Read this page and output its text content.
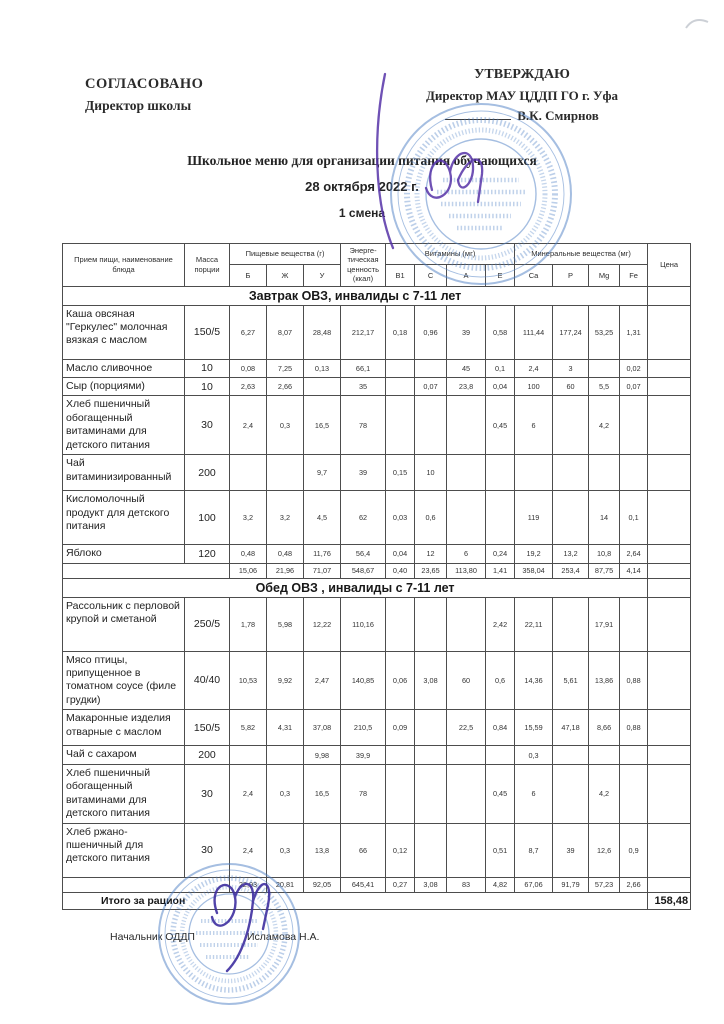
СОГЛАСОВАНО
Директор школы
УТВЕРЖДАЮ
Директор МАУ ЦДДП ГО г. Уфа
В.К. Смирнов
Школьное меню для организации питания обучающихся
28 октября 2022 г.
1 смена
Прием пищи, наименование блюда	Масса порции	Пищевые вещества (г)			Энерге-тическая ценность (ккал)	Витамины (мг)				Минеральные вещества (мг)				Цена
		Б	Ж	У		B1	C	A	E	Ca	P	Mg	Fe	
Завтрак ОВЗ, инвалиды с 7-11 лет														
Каша овсяная "Геркулес" молочная вязкая с маслом	150/5	6,27	8,07	28,48	212,17	0,18	0,96	39	0,58	111,44	177,24	53,25	1,31	
Масло сливочное	10	0,08	7,25	0,13	66,1			45	0,1	2,4	3		0,02	
Сыр (порциями)	10	2,63	2,66		35		0,07	23,8	0,04	100	60	5,5	0,07	
Хлеб пшеничный обогащенный витаминами для детского питания	30	2,4	0,3	16,5	78				0,45	6		4,2		
Чай витаминизированный	200			9,7	39	0,15	10							
Кисломолочный продукт для детского питания	100	3,2	3,2	4,5	62	0,03	0,6			119		14	0,1	
Яблоко	120	0,48	0,48	11,76	56,4	0,04	12	6	0,24	19,2	13,2	10,8	2,64	
		15,06	21,96	71,07	548,67	0,40	23,65	113,80	1,41	358,04	253,4	87,75	4,14	
Обед ОВЗ , инвалиды с 7-11 лет														
Рассольник с перловой крупой и сметаной	250/5	1,78	5,98	12,22	110,16				2,42	22,11		17,91		
Мясо птицы, припущенное в томатном соусе (филе грудки)	40/40	10,53	9,92	2,47	140,85	0,06	3,08	60	0,6	14,36	5,61	13,86	0,88	
Макаронные изделия отварные с маслом	150/5	5,82	4,31	37,08	210,5	0,09		22,5	0,84	15,59	47,18	8,66	0,88	
Чай с сахаром	200			9,98	39,9					0,3				
Хлеб пшеничный обогащенный витаминами для детского питания	30	2,4	0,3	16,5	78				0,45	6		4,2		
Хлеб ржано-пшеничный для детского питания	30	2,4	0,3	13,8	66	0,12			0,51	8,7	39	12,6	0,9	
		22,93	20,81	92,05	645,41	0,27	3,08	83	4,82	67,06	91,79	57,23	2,66	
Итого за рацион														158,48
Начальник ОДДП	Исламова Н.А.
